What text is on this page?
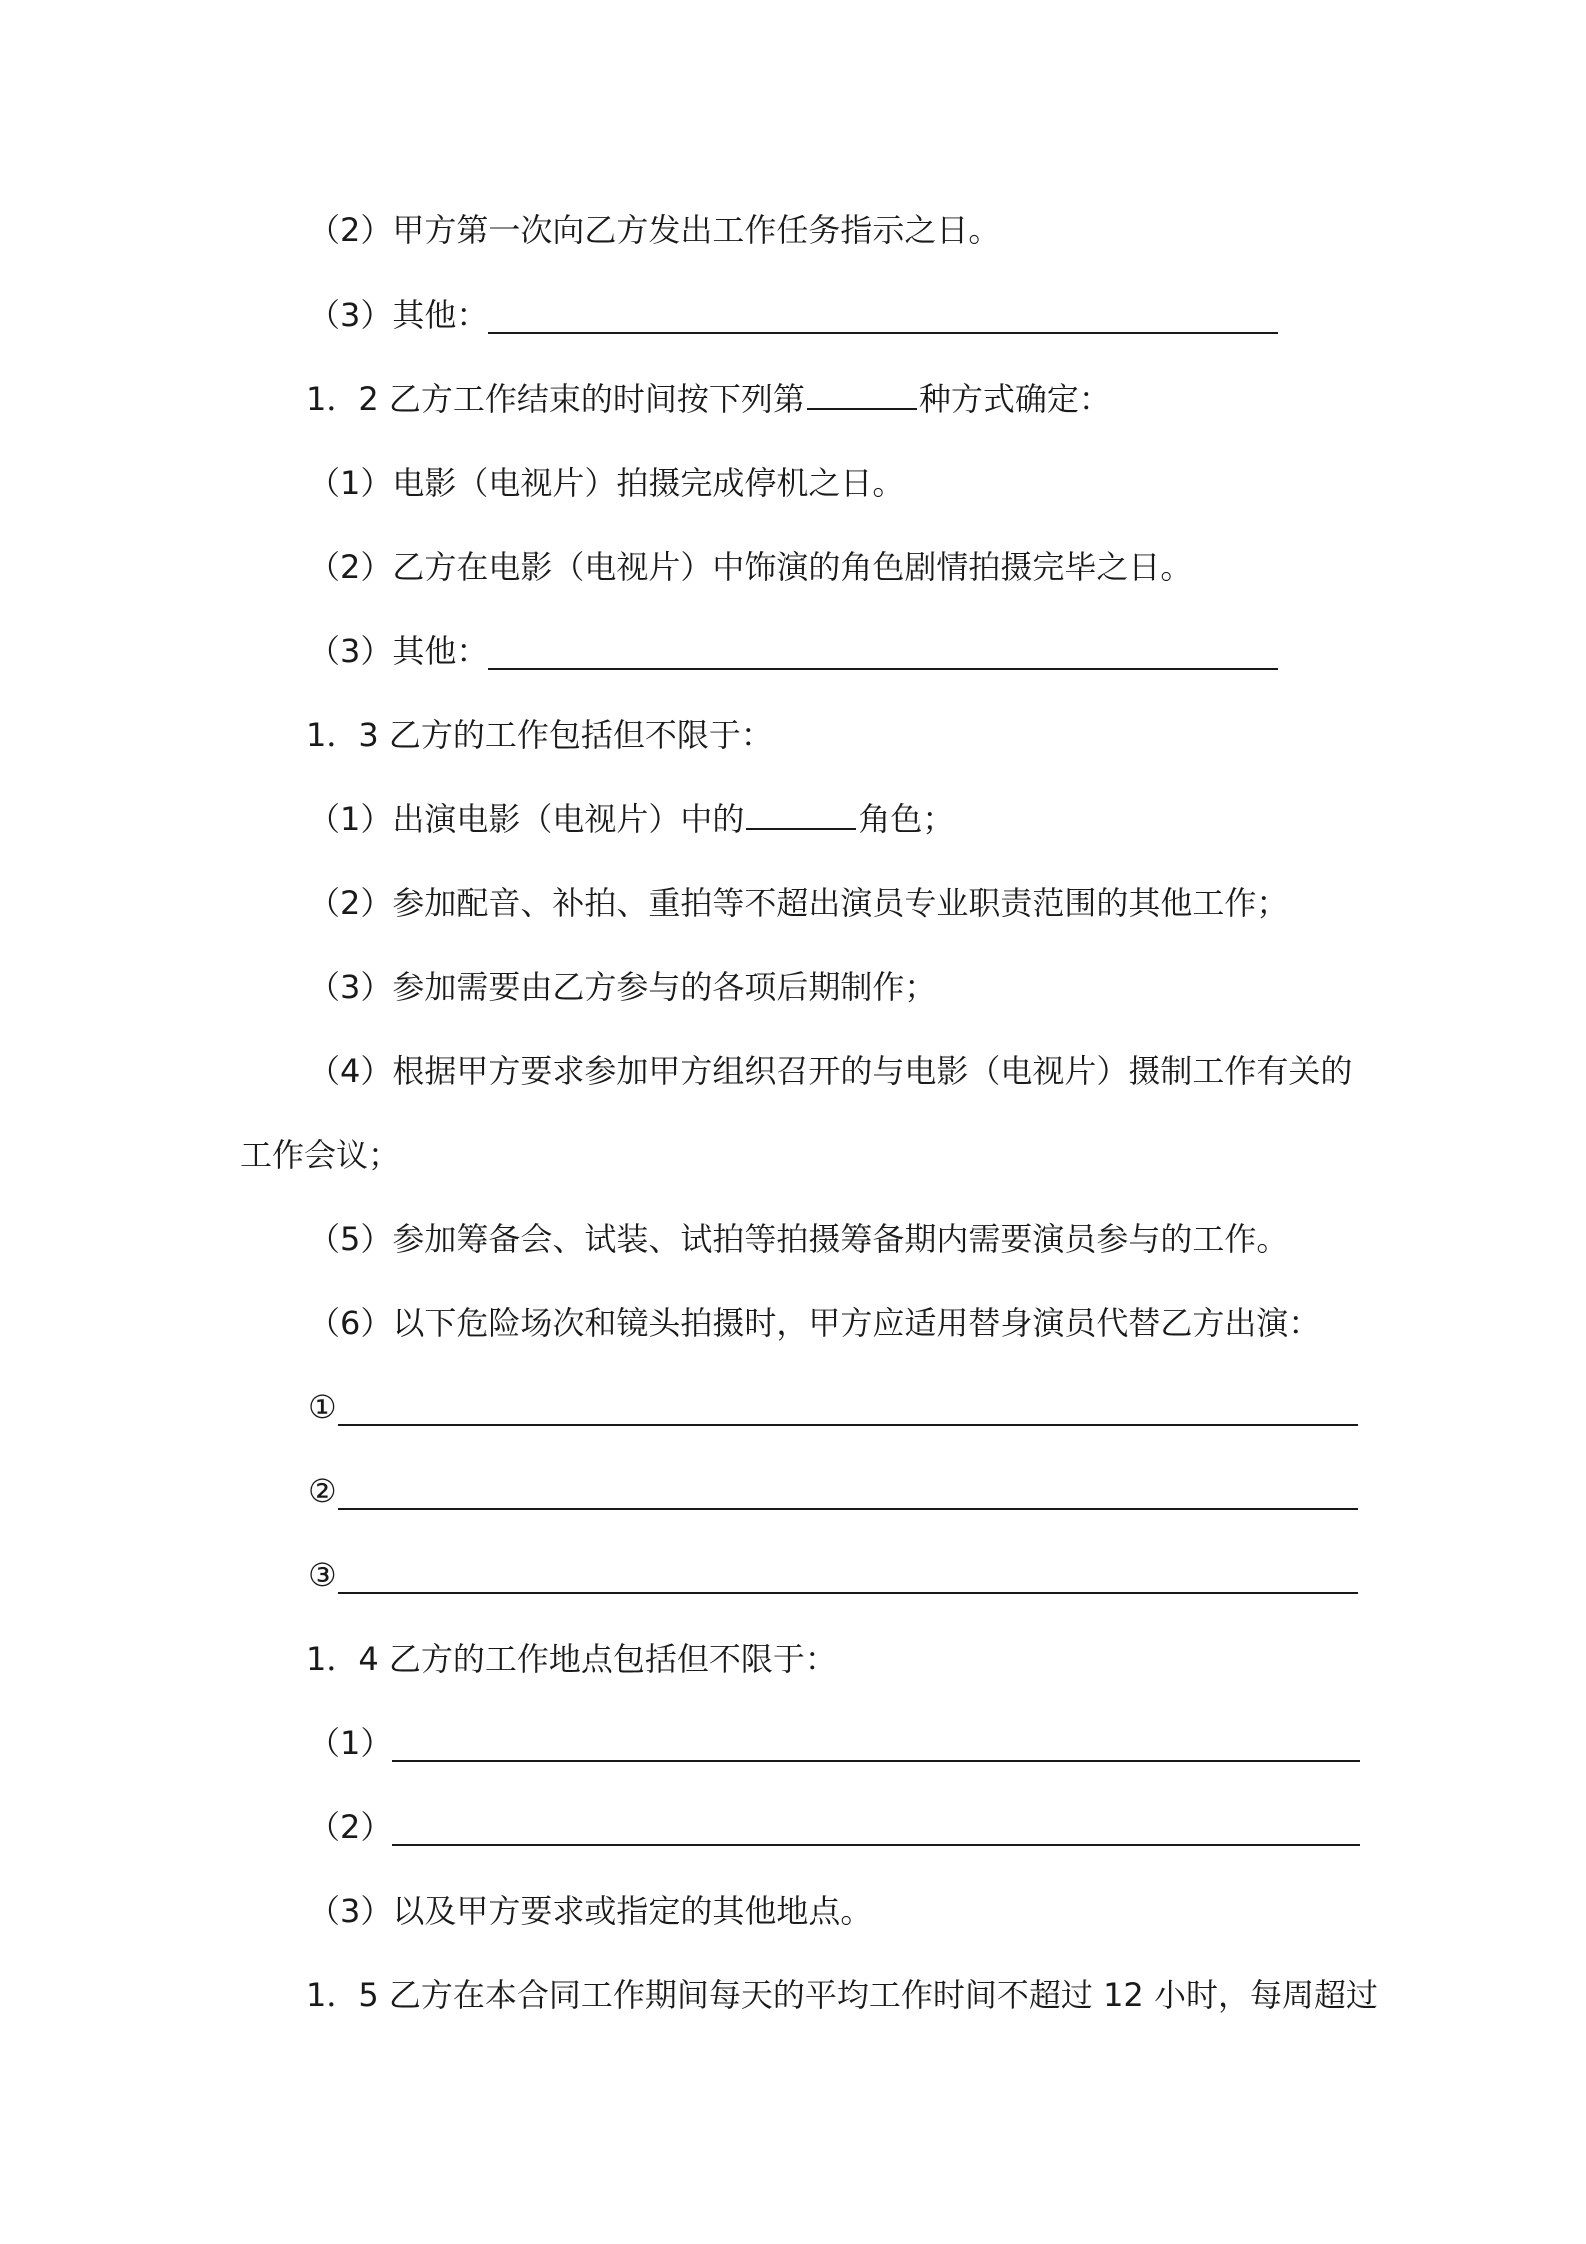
（2）甲方第一次向乙方发出工作任务指示之日。
（3）其他：
1．2 乙方工作结束的时间按下列第	种方式确定：
（1）电影（电视片）拍摄完成停机之日。
（2）乙方在电影（电视片）中饰演的角色剧情拍摄完毕之日。
（3）其他：
1．3 乙方的工作包括但不限于：
（1）出演电影（电视片）中的	角色；
（2）参加配音、补拍、重拍等不超出演员专业职责范围的其他工作；
（3）参加需要由乙方参与的各项后期制作；
（4）根据甲方要求参加甲方组织召开的与电影（电视片）摄制工作有关的
工作会议；
（5）参加筹备会、试装、试拍等拍摄筹备期内需要演员参与的工作。
（6）以下危险场次和镜头拍摄时，甲方应适用替身演员代替乙方出演：
①
②
③
1．4 乙方的工作地点包括但不限于：
（1）
（2）
（3）以及甲方要求或指定的其他地点。
1．5 乙方在本合同工作期间每天的平均工作时间不超过 12 小时，每周超过
